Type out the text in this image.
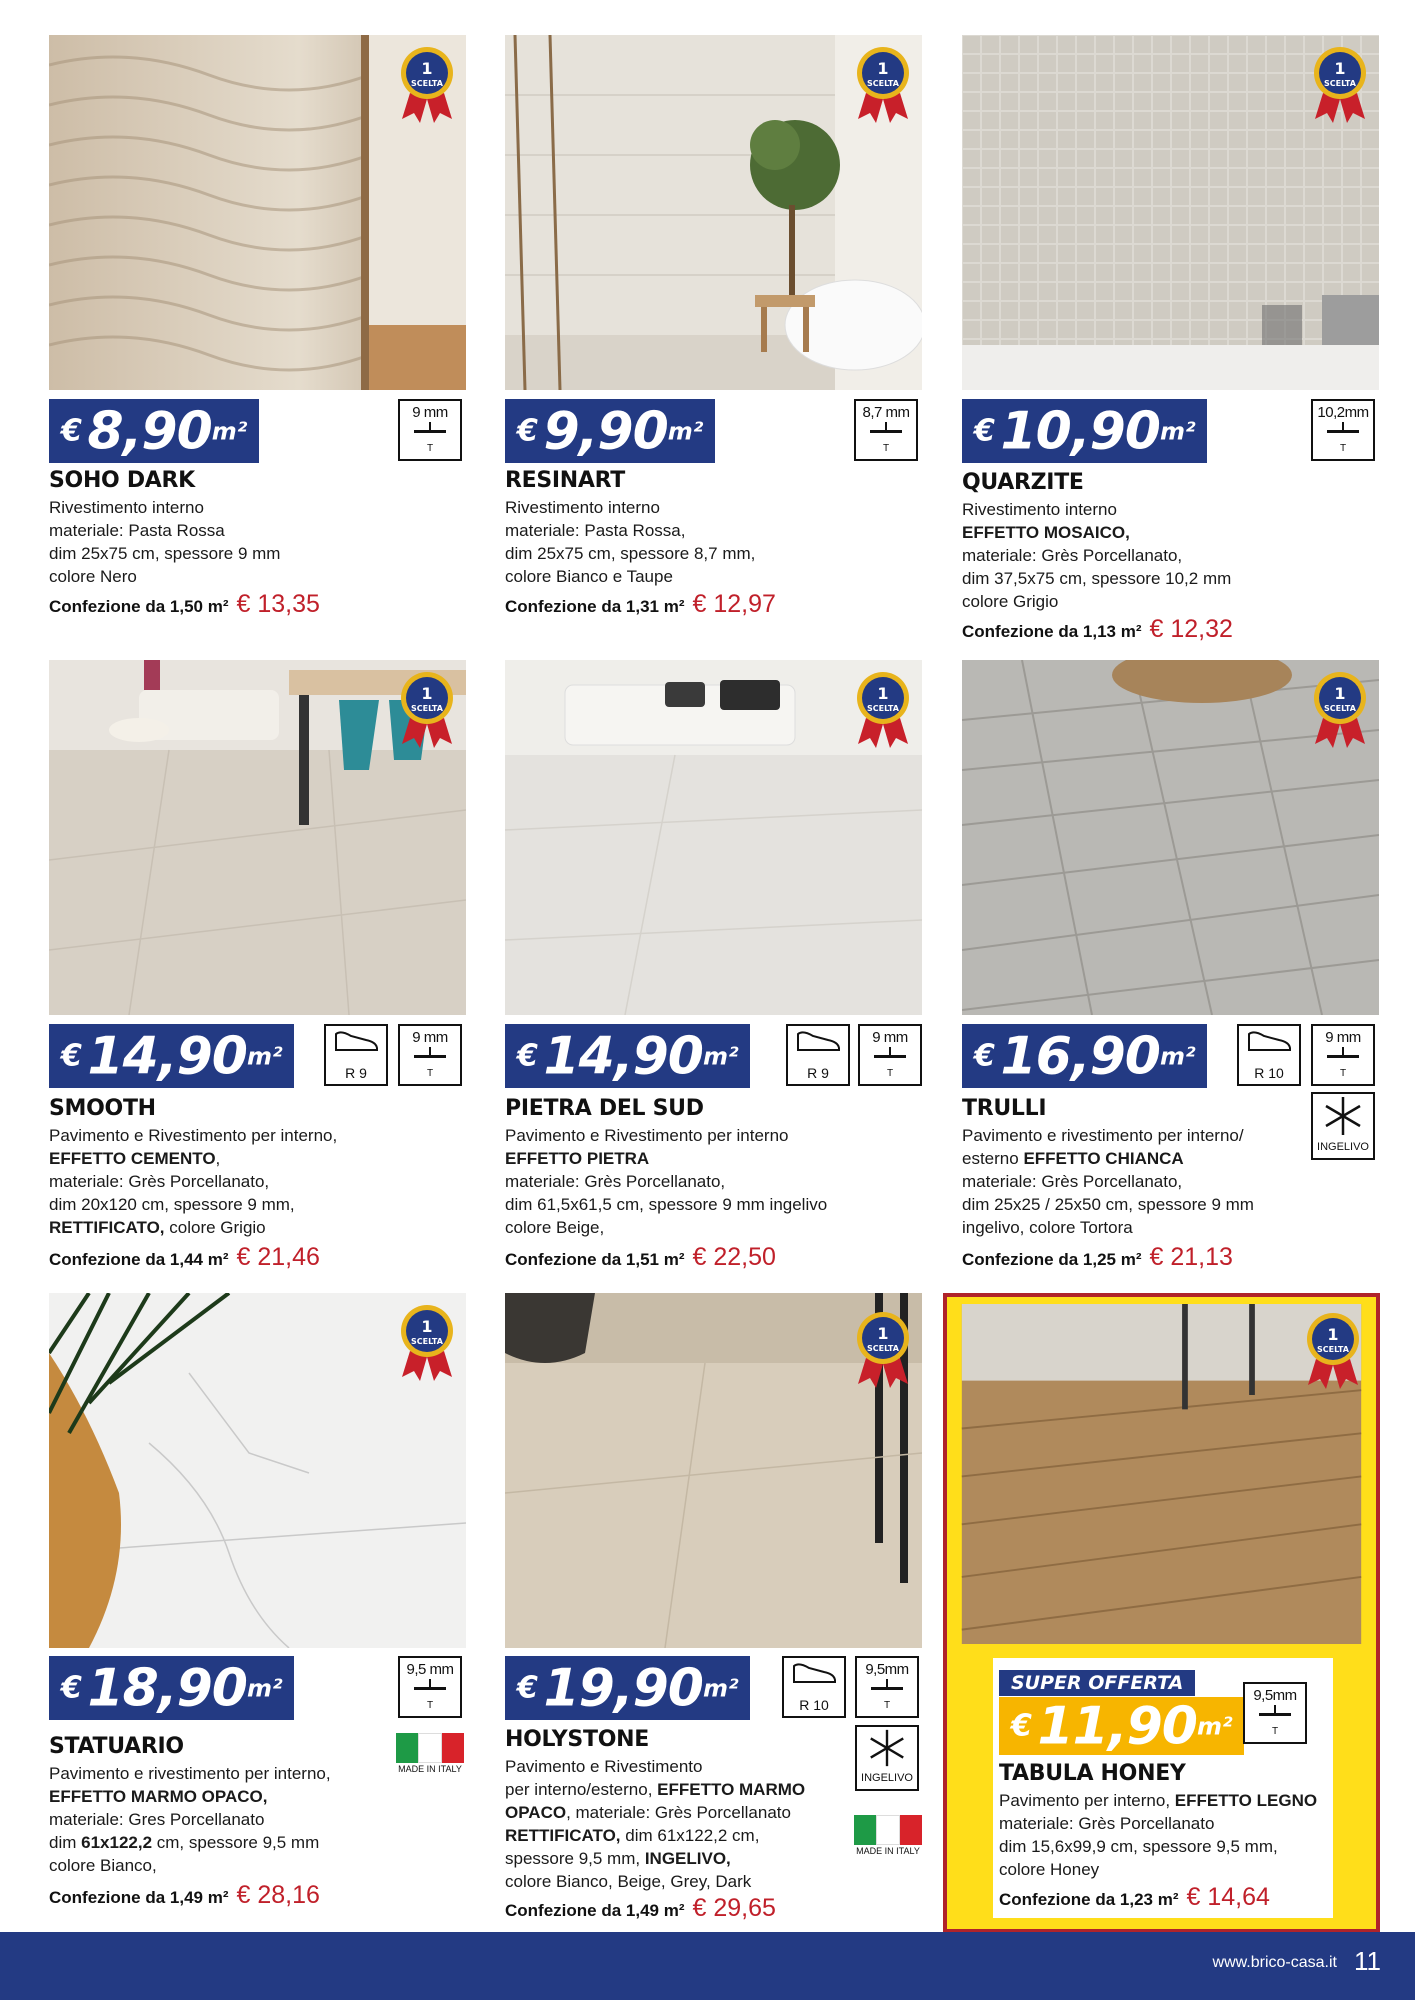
1
SCELTA
€ 8,90m²
9 mm
T
SOHO DARK
Rivestimento interno
materiale: Pasta Rossa
dim 25x75 cm, spessore 9 mm
colore Nero
Confezione da 1,50 m² € 13,35
1
SCELTA
€ 9,90m²
8,7 mm
T
RESINART
Rivestimento interno
materiale: Pasta Rossa,
dim 25x75 cm, spessore 8,7 mm,
colore Bianco e Taupe
Confezione da 1,31 m² € 12,97
1
SCELTA
€ 10,90m²
10,2mm
T
QUARZITE
Rivestimento interno
EFFETTO MOSAICO,
materiale: Grès Porcellanato,
dim 37,5x75 cm, spessore 10,2 mm
colore Grigio
Confezione da 1,13 m² € 12,32
1
SCELTA
€ 14,90m²
R 9
9 mm
T
SMOOTH
Pavimento e Rivestimento per interno,
EFFETTO CEMENTO,
materiale: Grès Porcellanato,
dim 20x120 cm, spessore 9 mm,
RETTIFICATO, colore Grigio
Confezione da 1,44 m² € 21,46
1
SCELTA
€ 14,90m²
R 9
9 mm
T
PIETRA DEL SUD
Pavimento e Rivestimento per interno
EFFETTO PIETRA
materiale: Grès Porcellanato,
dim 61,5x61,5 cm, spessore 9 mm ingelivo
colore Beige,
Confezione da 1,51 m² € 22,50
1
SCELTA
€ 16,90m²
R 10
9 mm
T
INGELIVO
TRULLI
Pavimento e rivestimento per interno/
esterno EFFETTO CHIANCA
materiale: Grès Porcellanato,
dim 25x25 / 25x50 cm, spessore 9 mm
ingelivo, colore Tortora
Confezione da 1,25 m² € 21,13
1
SCELTA
€ 18,90m²
9,5 mm
T
MADE IN ITALY
STATUARIO
Pavimento e rivestimento per interno,
EFFETTO MARMO OPACO,
materiale: Gres Porcellanato
dim 61x122,2 cm, spessore 9,5 mm
colore Bianco,
Confezione da 1,49 m² € 28,16
1
SCELTA
€ 19,90m²
R 10
9,5mm
T
INGELIVO
MADE IN ITALY
HOLYSTONE
Pavimento e Rivestimento
per interno/esterno, EFFETTO MARMO
OPACO, materiale: Grès Porcellanato
RETTIFICATO, dim 61x122,2 cm,
spessore 9,5 mm, INGELIVO,
colore Bianco, Beige, Grey, Dark
Confezione da 1,49 m² € 29,65
1
SCELTA
SUPER OFFERTA
€ 11,90m²
9,5mm
T
TABULA HONEY
Pavimento per interno, EFFETTO LEGNO
materiale: Grès Porcellanato
dim 15,6x99,9 cm, spessore 9,5 mm,
colore Honey
Confezione da 1,23 m² € 14,64
www.brico-casa.it 11
